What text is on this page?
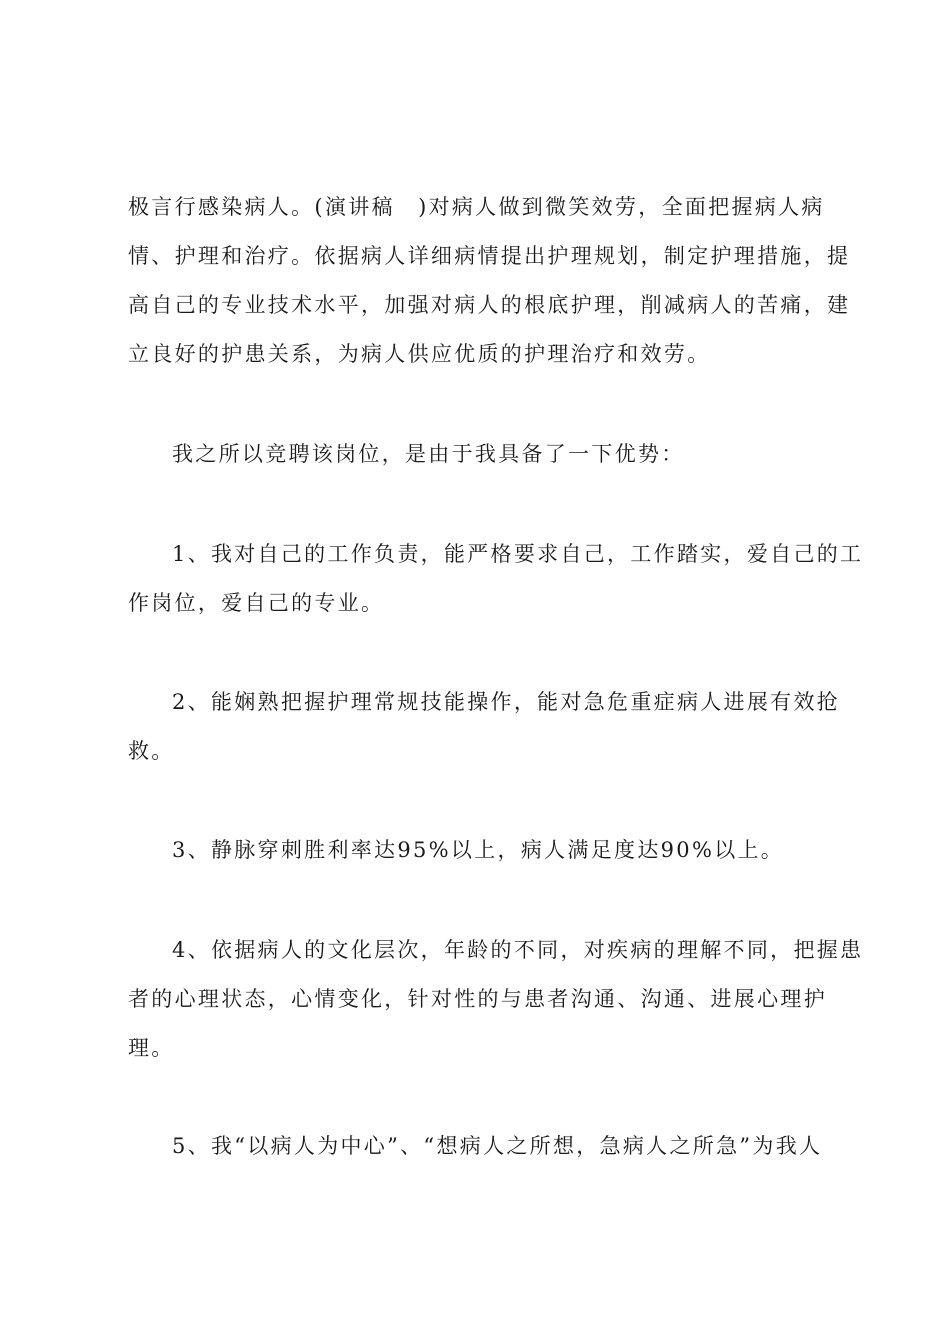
极言行感染病人。(演讲稿　)对病人做到微笑效劳，全面把握病人病
情、护理和治疗。依据病人详细病情提出护理规划，制定护理措施，提
高自己的专业技术水平，加强对病人的根底护理，削减病人的苦痛，建
立良好的护患关系，为病人供应优质的护理治疗和效劳。
我之所以竞聘该岗位，是由于我具备了一下优势：
1、我对自己的工作负责，能严格要求自己，工作踏实，爱自己的工
作岗位，爱自己的专业。
2、能娴熟把握护理常规技能操作，能对急危重症病人进展有效抢
救。
3、静脉穿刺胜利率达95%以上，病人满足度达90%以上。
4、依据病人的文化层次，年龄的不同，对疾病的理解不同，把握患
者的心理状态，心情变化，针对性的与患者沟通、沟通、进展心理护
理。
5、我“以病人为中心”、“想病人之所想，急病人之所急”为我人
